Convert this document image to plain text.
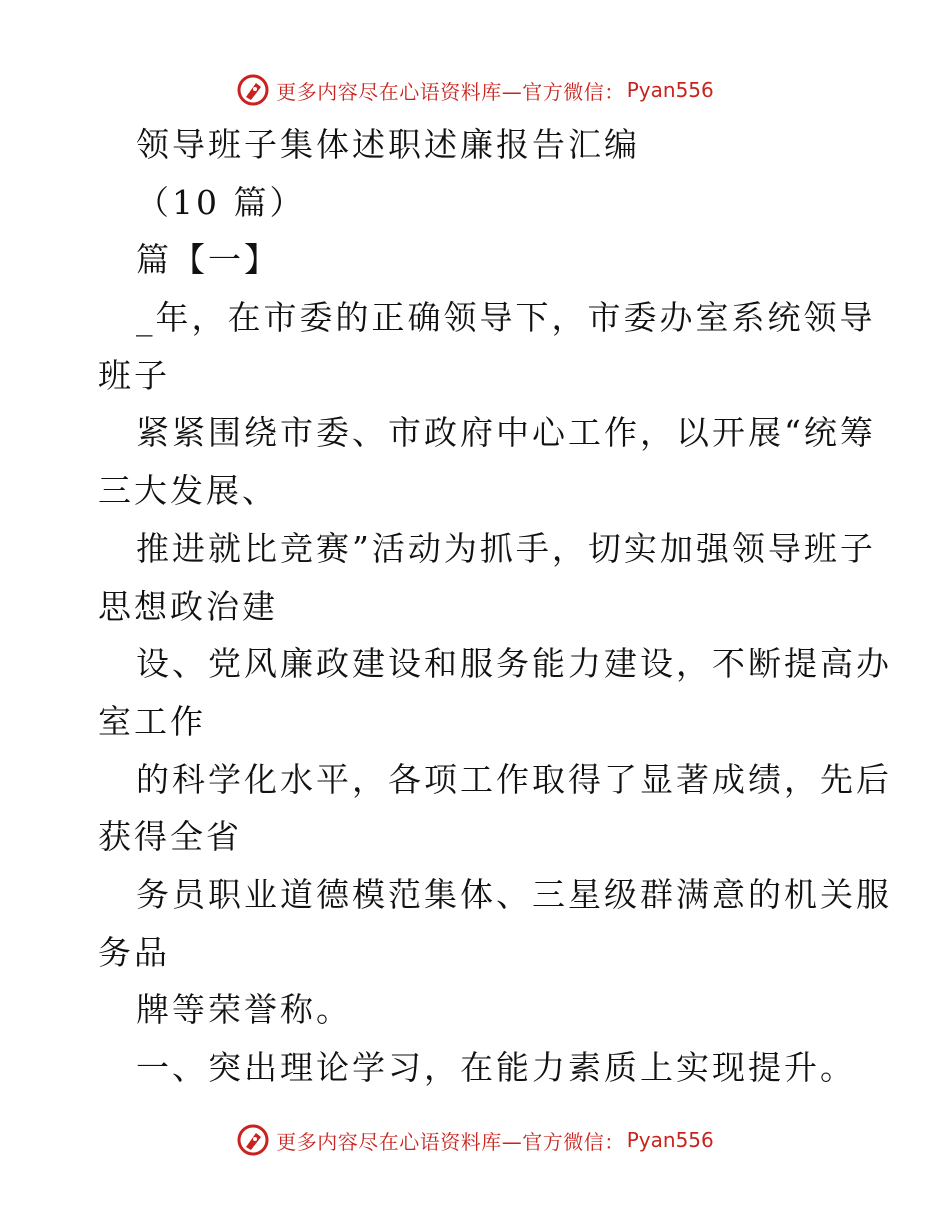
更多内容尽在心语资料库—官方微信： Pyan556
领导班子集体述职述廉报告汇编
（10 篇）
篇【一】
_年，在市委的正确领导下，市委办室系统领导
班子
紧紧围绕市委、市政府中心工作，以开展“统筹
三大发展、
推进就比竞赛”活动为抓手，切实加强领导班子
思想政治建
设、党风廉政建设和服务能力建设，不断提高办
室工作
的科学化水平，各项工作取得了显著成绩，先后
获得全省
务员职业道德模范集体、三星级群满意的机关服
务品
牌等荣誉称。
一、突出理论学习，在能力素质上实现提升。
更多内容尽在心语资料库—官方微信： Pyan556
